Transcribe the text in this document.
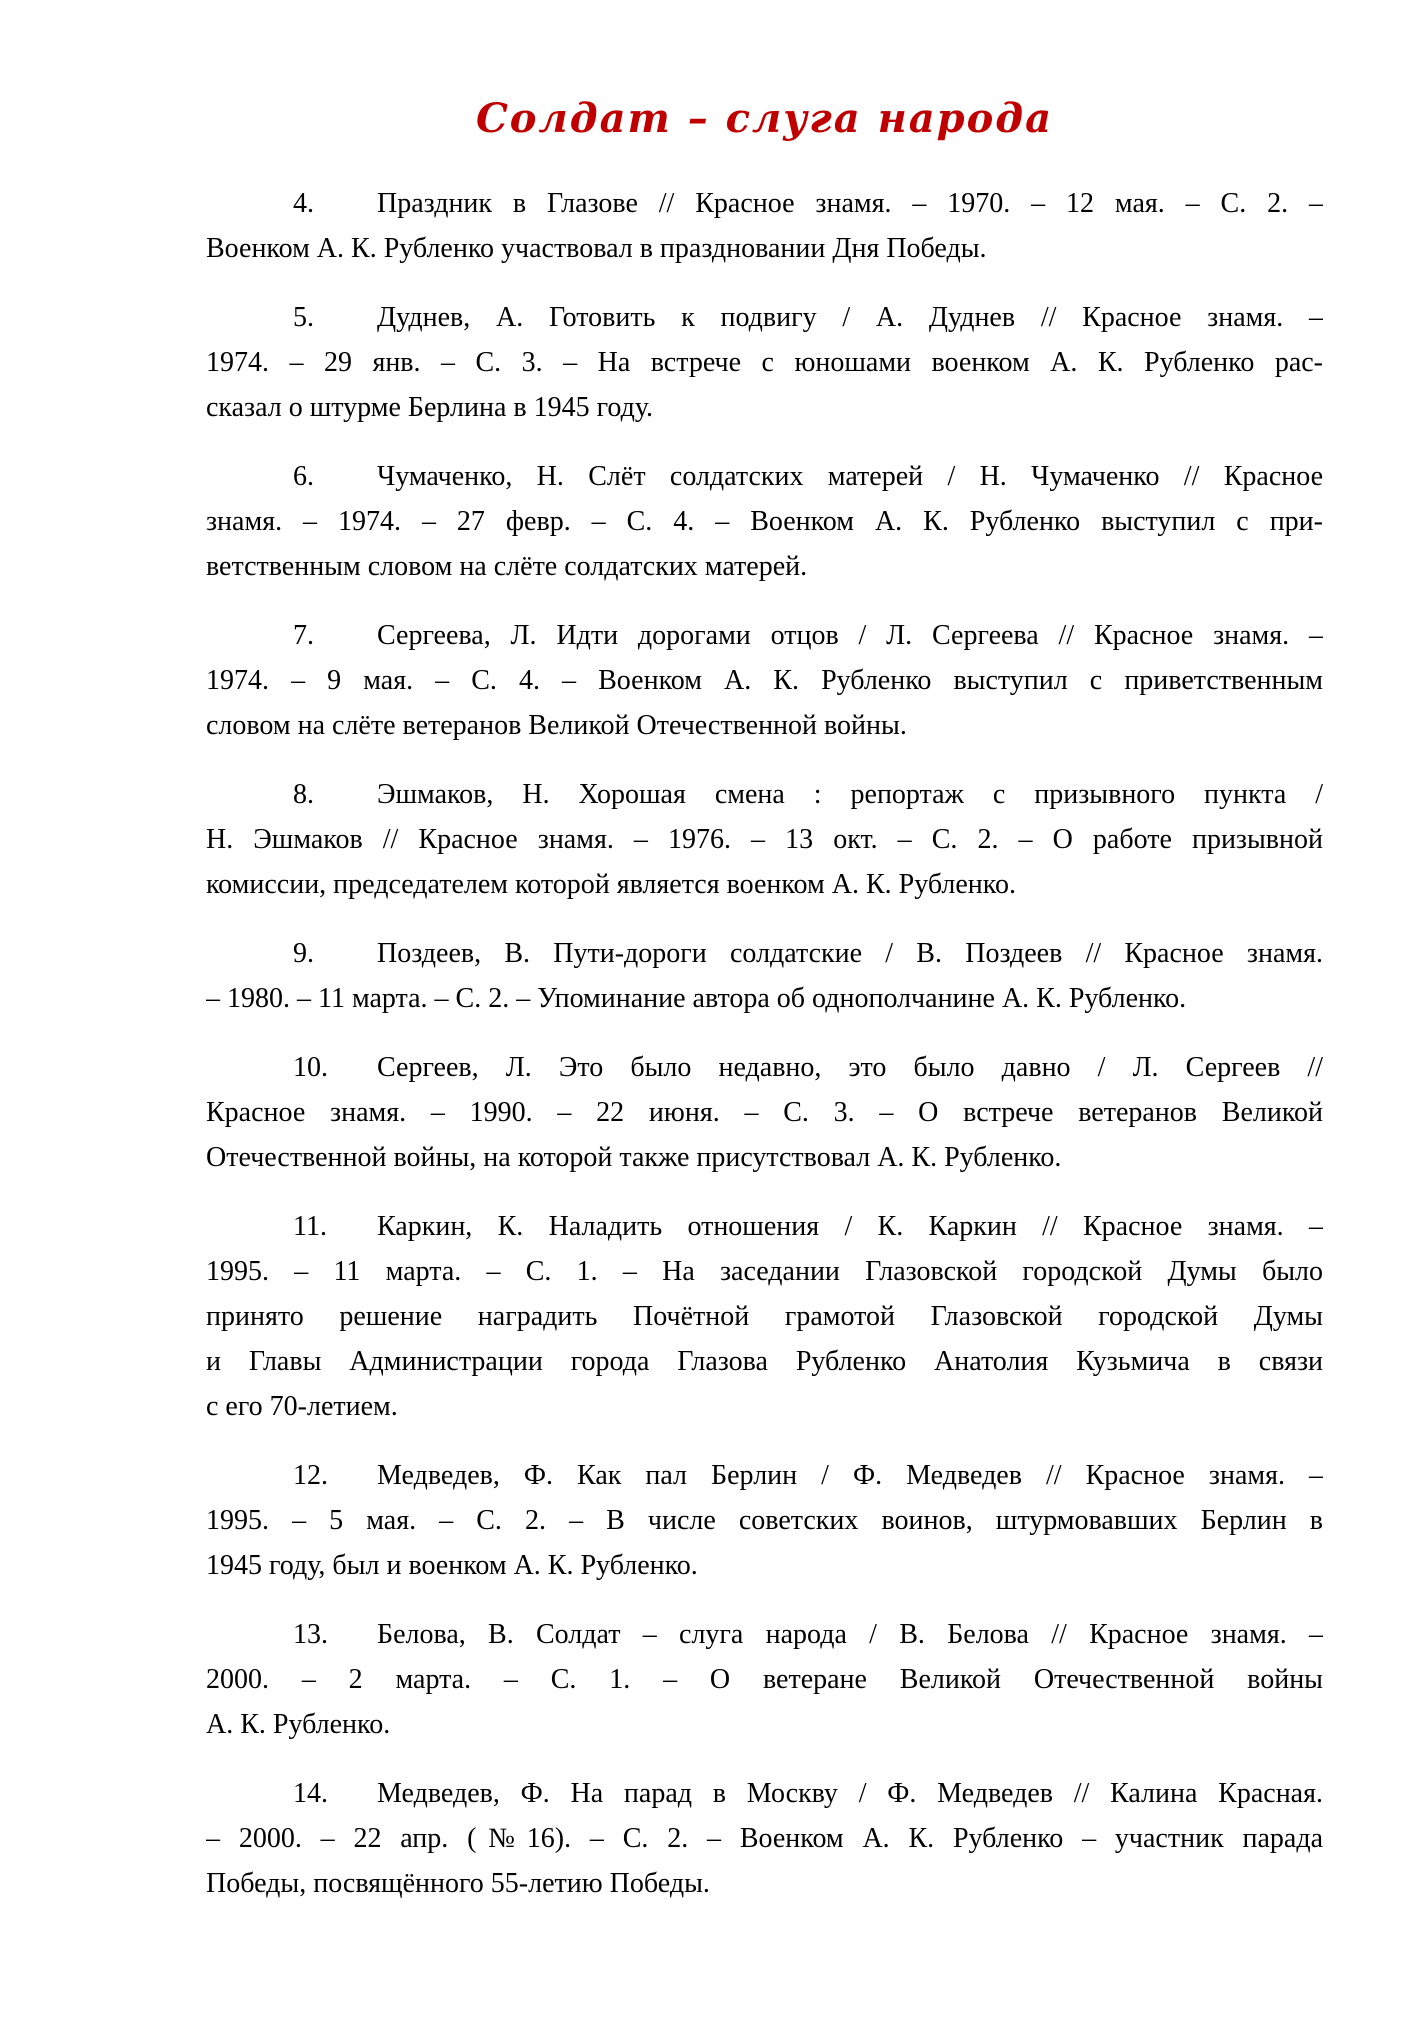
Солдат – слуга народа
4. Праздник в Глазове // Красное знамя. – 1970. – 12 мая. – С. 2. –
Военком А. К. Рубленко участвовал в праздновании Дня Победы.
5. Дуднев, А. Готовить к подвигу / А. Дуднев // Красное знамя. –
1974. – 29 янв. – С. 3. – На встрече с юношами военком А. К. Рубленко рас-
сказал о штурме Берлина в 1945 году.
6. Чумаченко, Н. Слёт солдатских матерей / Н. Чумаченко // Красное
знамя. – 1974. – 27 февр. – С. 4. – Военком А. К. Рубленко выступил с при-
ветственным словом на слёте солдатских матерей.
7. Сергеева, Л. Идти дорогами отцов / Л. Сергеева // Красное знамя. –
1974. – 9 мая. – С. 4. – Военком А. К. Рубленко выступил с приветственным
словом на слёте ветеранов Великой Отечественной войны.
8. Эшмаков, Н. Хорошая смена : репортаж с призывного пункта /
Н. Эшмаков // Красное знамя. – 1976. – 13 окт. – С. 2. – О работе призывной
комиссии, председателем которой является военком А. К. Рубленко.
9. Поздеев, В. Пути-дороги солдатские / В. Поздеев // Красное знамя.
– 1980. – 11 марта. – С. 2. – Упоминание автора об однополчанине А. К. Рубленко.
10. Сергеев, Л. Это было недавно, это было давно / Л. Сергеев //
Красное знамя. – 1990. – 22 июня. – С. 3. – О встрече ветеранов Великой
Отечественной войны, на которой также присутствовал А. К. Рубленко.
11. Каркин, К. Наладить отношения / К. Каркин // Красное знамя. –
1995. – 11 марта. – С. 1. – На заседании Глазовской городской Думы было
принято решение наградить Почётной грамотой Глазовской городской Думы
и Главы Администрации города Глазова Рубленко Анатолия Кузьмича в связи
с его 70-летием.
12. Медведев, Ф. Как пал Берлин / Ф. Медведев // Красное знамя. –
1995. – 5 мая. – С. 2. – В числе советских воинов, штурмовавших Берлин в
1945 году, был и военком А. К. Рубленко.
13. Белова, В. Солдат – слуга народа / В. Белова // Красное знамя. –
2000. – 2 марта. – С. 1. – О ветеране Великой Отечественной войны
А. К. Рубленко.
14. Медведев, Ф. На парад в Москву / Ф. Медведев // Калина Красная.
– 2000. – 22 апр. (№16). – С. 2. – Военком А. К. Рубленко – участник парада
Победы, посвящённого 55-летию Победы.
